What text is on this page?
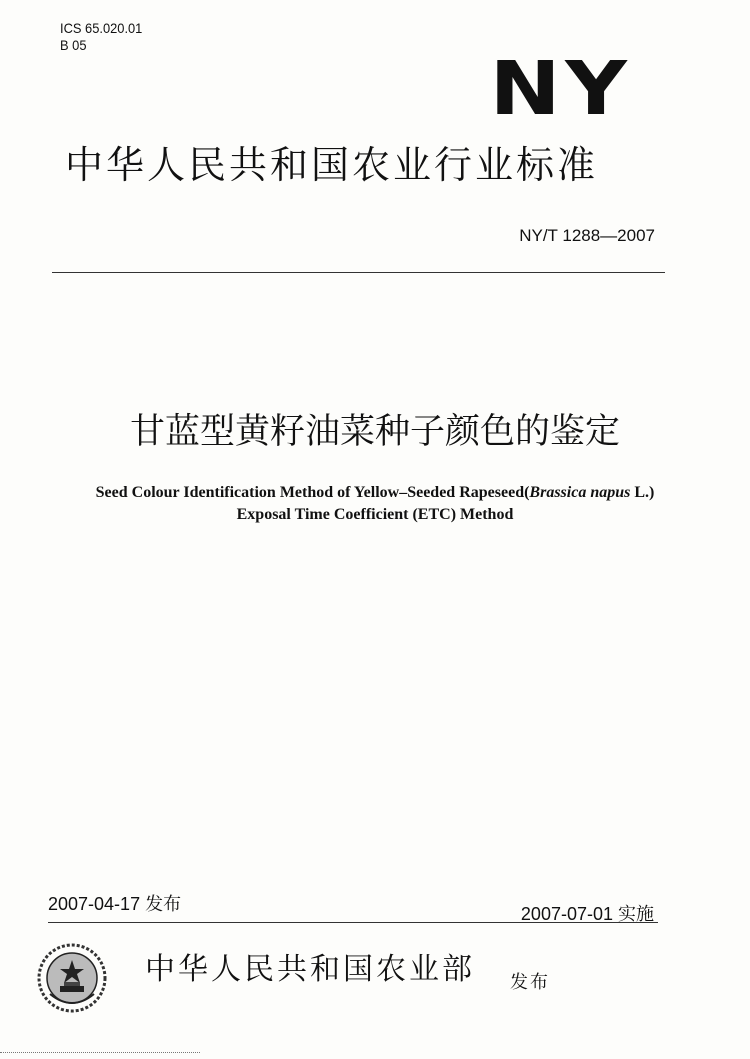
ICS 65.020.01
B 05
NY
中华人民共和国农业行业标准
NY/T 1288—2007
甘蓝型黄籽油菜种子颜色的鉴定
Seed Colour Identification Method of Yellow–Seeded Rapeseed(Brassica napus L.)
Exposal Time Coefficient (ETC) Method
2007-04-17 发布	2007-07-01 实施
中华人民共和国农业部 发布
